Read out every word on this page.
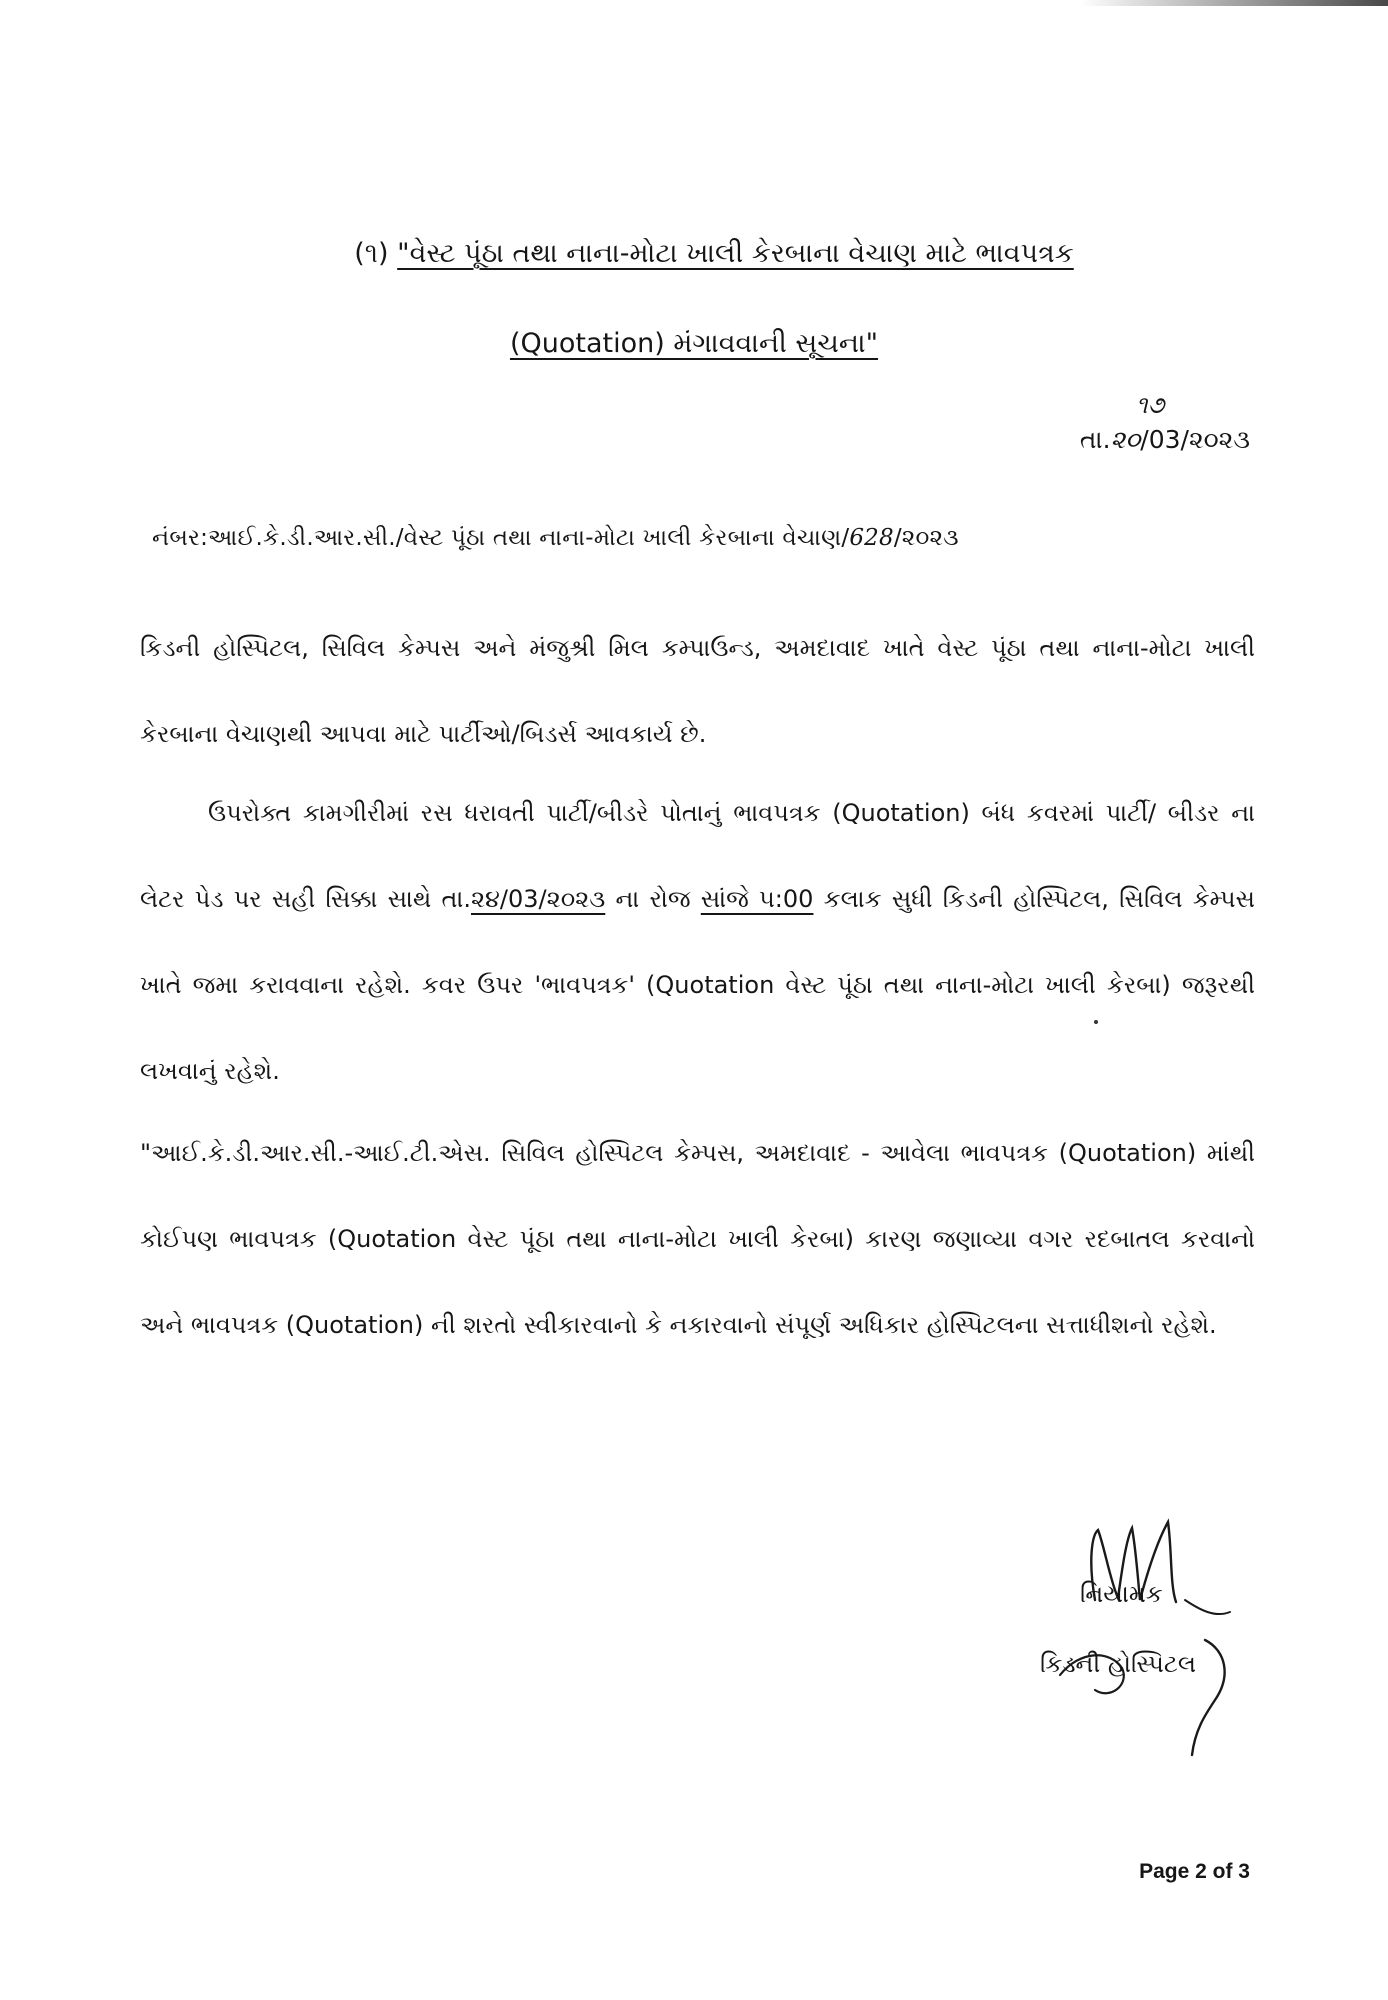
(૧) "વેસ્ટ પૂંઠા તથા નાના-મોટા ખાલી કેરબાના વેચાણ માટે ભાવપત્રક
(Quotation) મંગાવવાની સૂચના"
તા.૨૦/03/૨૦૨૩
૧૭
નંબર:આઈ.કે.ડી.આર.સી./વેસ્ટ પૂંઠા તથા નાના-મોટા ખાલી કેરબાના વેચાણ/628/૨૦૨૩
કિડની હોસ્પિટલ, સિવિલ કેમ્પસ અને મંજુશ્રી મિલ કમ્પાઉન્ડ, અમદાવાદ ખાતે વેસ્ટ પૂંઠા તથા નાના-મોટા ખાલી કેરબાના વેચાણથી આપવા માટે પાર્ટીઓ/બિડર્સ આવકાર્ય છે.
ઉપરોક્ત કામગીરીમાં રસ ધરાવતી પાર્ટી/બીડરે પોતાનું ભાવપત્રક (Quotation) બંધ કવરમાં પાર્ટી/ બીડર ના લેટર પેડ પર સહી સિક્કા સાથે તા.૨૪/03/૨૦૨૩ ના રોજ સાંજે ૫:00 કલાક સુધી કિડની હોસ્પિટલ, સિવિલ કેમ્પસ ખાતે જમા કરાવવાના રહેશે. કવર ઉપર 'ભાવપત્રક' (Quotation વેસ્ટ પૂંઠા તથા નાના-મોટા ખાલી કેરબા) જરૂરથી લખવાનું રહેશે.
"આઈ.કે.ડી.આર.સી.-આઈ.ટી.એસ. સિવિલ હોસ્પિટલ કેમ્પસ, અમદાવાદ - આવેલા ભાવપત્રક (Quotation) માંથી કોઈપણ ભાવપત્રક (Quotation વેસ્ટ પૂંઠા તથા નાના-મોટા ખાલી કેરબા) કારણ જણાવ્યા વગર રદબાતલ કરવાનો અને ભાવપત્રક (Quotation) ની શરતો સ્વીકારવાનો કે નકારવાનો સંપૂર્ણ અધિકાર હોસ્પિટલના સત્તાધીશનો રહેશે.
નિયામક
કિડની હોસ્પિટલ
Page 2 of 3
